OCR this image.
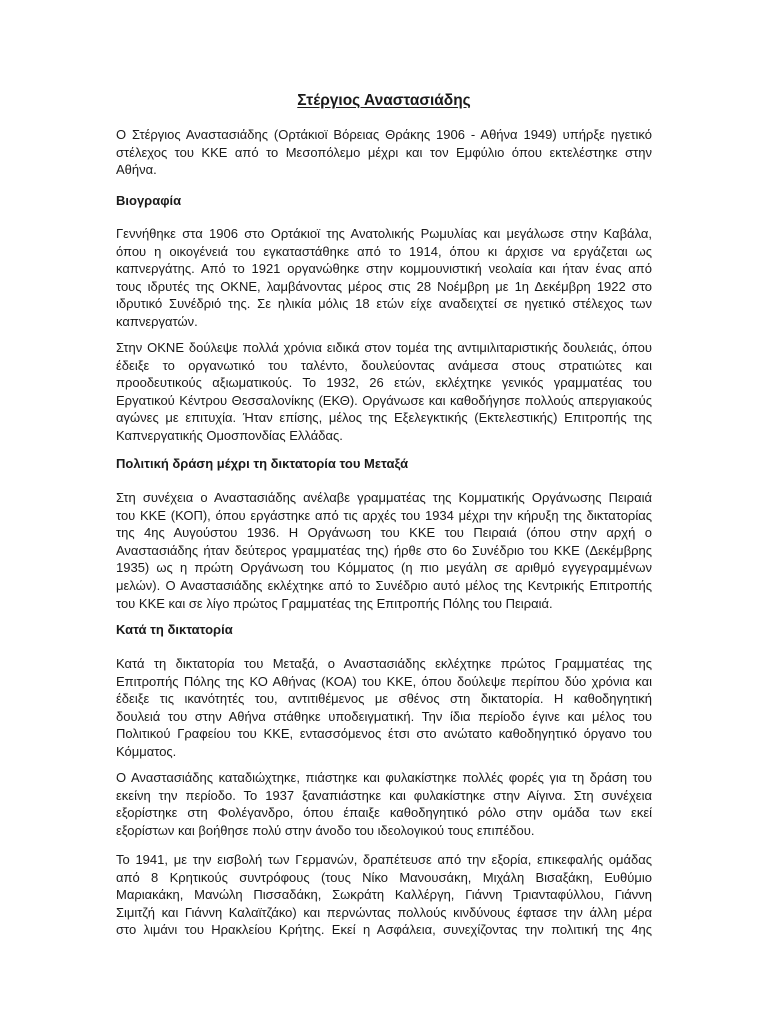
Στέργιος Αναστασιάδης
Ο Στέργιος Αναστασιάδης (Ορτάκιοϊ Βόρειας Θράκης 1906 - Αθήνα 1949) υπήρξε ηγετικό
στέλεχος του ΚΚΕ από το Μεσοπόλεμο μέχρι και τον Εμφύλιο όπου εκτελέστηκε στην
Αθήνα.
Βιογραφία
Γεννήθηκε στα 1906 στο Ορτάκιοϊ της Ανατολικής Ρωμυλίας και μεγάλωσε στην Καβάλα,
όπου η οικογένειά του εγκαταστάθηκε από το 1914, όπου κι άρχισε να εργάζεται ως
καπνεργάτης. Από το 1921 οργανώθηκε στην κομμουνιστική νεολαία και ήταν ένας από
τους ιδρυτές της ΟΚΝΕ, λαμβάνοντας μέρος στις 28 Νοέμβρη με 1η Δεκέμβρη 1922 στο
ιδρυτικό Συνέδριό της. Σε ηλικία μόλις 18 ετών είχε αναδειχτεί σε ηγετικό στέλεχος των
καπνεργατών.
Στην ΟΚΝΕ δούλεψε πολλά χρόνια ειδικά στον τομέα της αντιμιλιταριστικής δουλειάς, όπου
έδειξε το οργανωτικό του ταλέντο, δουλεύοντας ανάμεσα στους στρατιώτες και
προοδευτικούς αξιωματικούς. Το 1932, 26 ετών, εκλέχτηκε γενικός γραμματέας του
Εργατικού Κέντρου Θεσσαλονίκης (ΕΚΘ). Οργάνωσε και καθοδήγησε πολλούς απεργιακούς
αγώνες με επιτυχία. Ήταν επίσης, μέλος της Εξελεγκτικής (Εκτελεστικής) Επιτροπής της
Καπνεργατικής Ομοσπονδίας Ελλάδας.
Πολιτική δράση μέχρι τη δικτατορία του Μεταξά
Στη συνέχεια ο Αναστασιάδης ανέλαβε γραμματέας της Κομματικής Οργάνωσης Πειραιά
του ΚΚΕ (ΚΟΠ), όπου εργάστηκε από τις αρχές του 1934 μέχρι την κήρυξη της δικτατορίας
της 4ης Αυγούστου 1936. Η Οργάνωση του ΚΚΕ του Πειραιά (όπου στην αρχή ο
Αναστασιάδης ήταν δεύτερος γραμματέας της) ήρθε στο 6ο Συνέδριο του ΚΚΕ (Δεκέμβρης
1935) ως η πρώτη Οργάνωση του Κόμματος (η πιο μεγάλη σε αριθμό εγγεγραμμένων
μελών). Ο Αναστασιάδης εκλέχτηκε από το Συνέδριο αυτό μέλος της Κεντρικής Επιτροπής
του ΚΚΕ και σε λίγο πρώτος Γραμματέας της Επιτροπής Πόλης του Πειραιά.
Κατά τη δικτατορία
Κατά τη δικτατορία του Μεταξά, ο Αναστασιάδης εκλέχτηκε πρώτος Γραμματέας της
Επιτροπής Πόλης της ΚΟ Αθήνας (ΚΟΑ) του ΚΚΕ, όπου δούλεψε περίπου δύο χρόνια και
έδειξε τις ικανότητές του, αντιτιθέμενος με σθένος στη δικτατορία. Η καθοδηγητική
δουλειά του στην Αθήνα στάθηκε υποδειγματική. Την ίδια περίοδο έγινε και μέλος του
Πολιτικού Γραφείου του ΚΚΕ, εντασσόμενος έτσι στο ανώτατο καθοδηγητικό όργανο του
Κόμματος.
Ο Αναστασιάδης καταδιώχτηκε, πιάστηκε και φυλακίστηκε πολλές φορές για τη δράση του
εκείνη την περίοδο. Το 1937 ξαναπιάστηκε και φυλακίστηκε στην Αίγινα. Στη συνέχεια
εξορίστηκε στη Φολέγανδρο, όπου έπαιξε καθοδηγητικό ρόλο στην ομάδα των εκεί
εξορίστων και βοήθησε πολύ στην άνοδο του ιδεολογικού τους επιπέδου.
Το 1941, με την εισβολή των Γερμανών, δραπέτευσε από την εξορία, επικεφαλής ομάδας
από 8 Κρητικούς συντρόφους (τους Νίκο Μανουσάκη, Μιχάλη Βισαξάκη, Ευθύμιο
Μαριακάκη, Μανώλη Πισσαδάκη, Σωκράτη Καλλέργη, Γιάννη Τριανταφύλλου, Γιάννη
Σιμιτζή και Γιάννη Καλαϊτζάκο) και περνώντας πολλούς κινδύνους έφτασε την άλλη μέρα
στο λιμάνι του Ηρακλείου Κρήτης. Εκεί η Ασφάλεια, συνεχίζοντας την πολιτική της 4ης
